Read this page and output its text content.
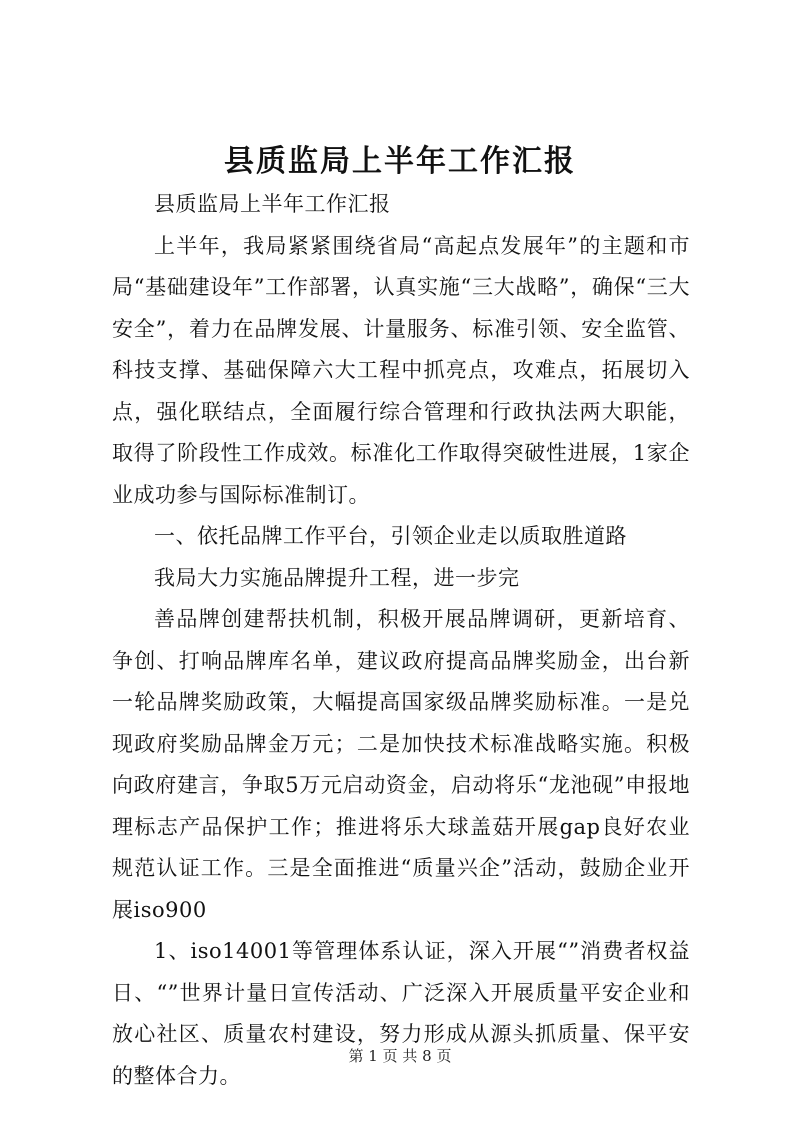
县质监局上半年工作汇报

县质监局上半年工作汇报

上半年，我局紧紧围绕省局“高起点发展年”的主题和市局“基础建设年”工作部署，认真实施“三大战略”，确保“三大安全”，着力在品牌发展、计量服务、标准引领、安全监管、科技支撑、基础保障六大工程中抓亮点，攻难点，拓展切入点，强化联结点，全面履行综合管理和行政执法两大职能，取得了阶段性工作成效。标准化工作取得突破性进展，1家企业成功参与国际标准制订。

一、依托品牌工作平台，引领企业走以质取胜道路

我局大力实施品牌提升工程，进一步完

善品牌创建帮扶机制，积极开展品牌调研，更新培育、争创、打响品牌库名单，建议政府提高品牌奖励金，出台新一轮品牌奖励政策，大幅提高国家级品牌奖励标准。一是兑现政府奖励品牌金万元；二是加快技术标准战略实施。积极向政府建言，争取5万元启动资金，启动将乐“龙池砚”申报地理标志产品保护工作；推进将乐大球盖菇开展gap良好农业规范认证工作。三是全面推进“质量兴企”活动，鼓励企业开展iso900

1、iso14001等管理体系认证，深入开展“”消费者权益日、“”世界计量日宣传活动、广泛深入开展质量平安企业和放心社区、质量农村建设，努力形成从源头抓质量、保平安的整体合力。

第 1 页 共 8 页
